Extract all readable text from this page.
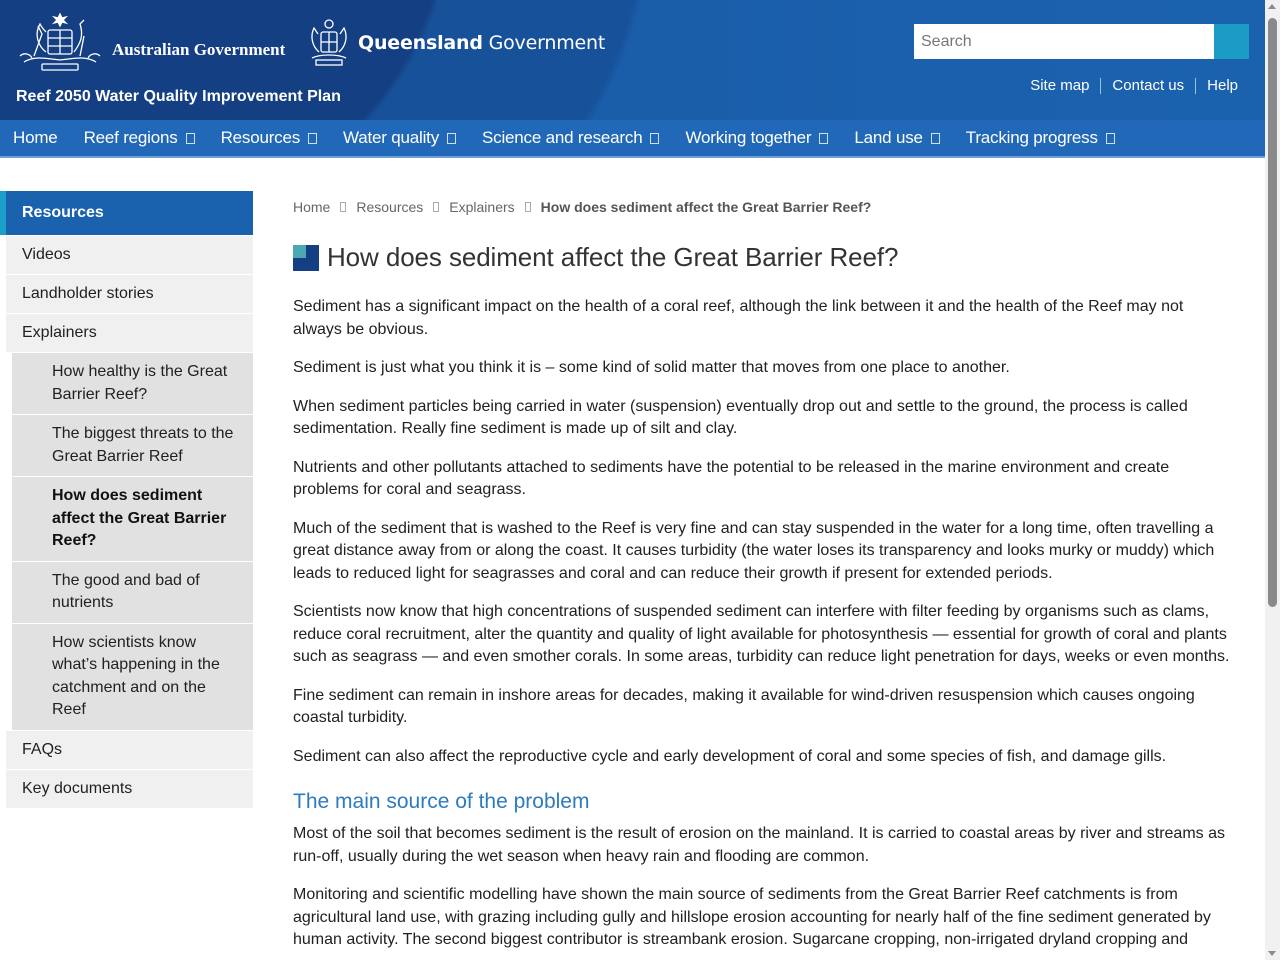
Australian Government	Queensland Government
Reef 2050 Water Quality Improvement Plan
Search
Site map Contact us Help
Home Reef regions	Resources	Water quality	Science and research	Working together	Land use	Tracking progress
Resources
Videos
Landholder stories
Explainers
How healthy is the Great Barrier Reef?
The biggest threats to the Great Barrier Reef
How does sediment affect the Great Barrier Reef?
The good and bad of nutrients
How scientists know what’s happening in the catchment and on the Reef
FAQs
Key documents
Home Resources Explainers How does sediment affect the Great Barrier Reef?
How does sediment affect the Great Barrier Reef?

Sediment has a significant impact on the health of a coral reef, although the link between it and the health of the Reef may not always be obvious.

Sediment is just what you think it is – some kind of solid matter that moves from one place to another.

When sediment particles being carried in water (suspension) eventually drop out and settle to the ground, the process is called sedimentation. Really fine sediment is made up of silt and clay.

Nutrients and other pollutants attached to sediments have the potential to be released in the marine environment and create problems for coral and seagrass.

Much of the sediment that is washed to the Reef is very fine and can stay suspended in the water for a long time, often travelling a great distance away from or along the coast. It causes turbidity (the water loses its transparency and looks murky or muddy) which leads to reduced light for seagrasses and coral and can reduce their growth if present for extended periods.

Scientists now know that high concentrations of suspended sediment can interfere with filter feeding by organisms such as clams, reduce coral recruitment, alter the quantity and quality of light available for photosynthesis — essential for growth of coral and plants such as seagrass — and even smother corals. In some areas, turbidity can reduce light penetration for days, weeks or even months.

Fine sediment can remain in inshore areas for decades, making it available for wind-driven resuspension which causes ongoing coastal turbidity.

Sediment can also affect the reproductive cycle and early development of coral and some species of fish, and damage gills.

The main source of the problem

Most of the soil that becomes sediment is the result of erosion on the mainland. It is carried to coastal areas by river and streams as run-off, usually during the wet season when heavy rain and flooding are common.

Monitoring and scientific modelling have shown the main source of sediments from the Great Barrier Reef catchments is from agricultural land use, with grazing including gully and hillslope erosion accounting for nearly half of the fine sediment generated by human activity. The second biggest contributor is streambank erosion. Sugarcane cropping, non-irrigated dryland cropping and
